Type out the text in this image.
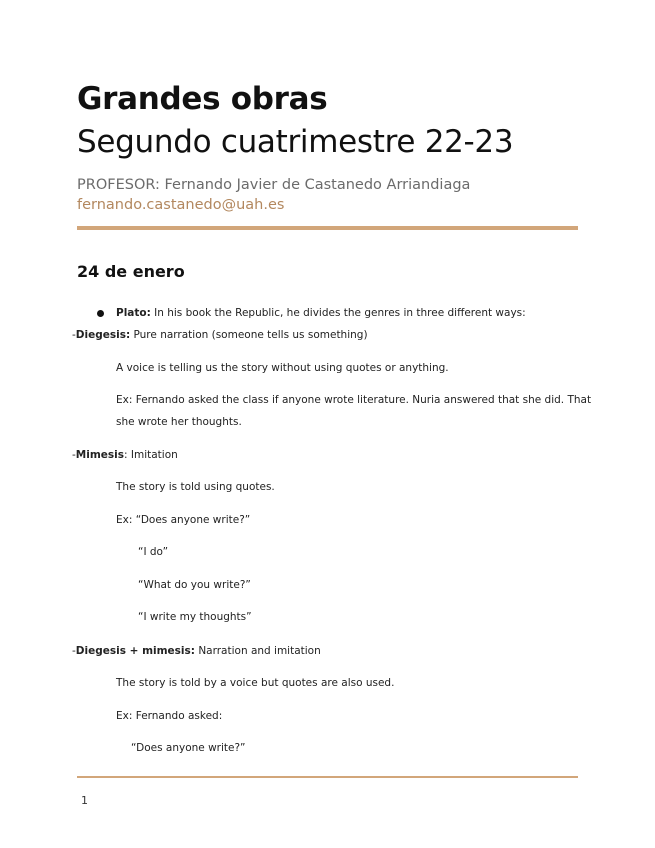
Grandes obras
Segundo cuatrimestre 22-23
PROFESOR: Fernando Javier de Castanedo Arriandiaga
fernando.castanedo@uah.es
24 de enero
Plato: In his book the Republic, he divides the genres in three different ways:
-Diegesis: Pure narration (someone tells us something)
A voice is telling us the story without using quotes or anything.
Ex: Fernando asked the class if anyone wrote literature. Nuria answered that she did. That
she wrote her thoughts.
-Mimesis: Imitation
The story is told using quotes.
Ex: “Does anyone write?”
“I do”
“What do you write?”
“I write my thoughts”
-Diegesis + mimesis: Narration and imitation
The story is told by a voice but quotes are also used.
Ex: Fernando asked:
“Does anyone write?”
1
